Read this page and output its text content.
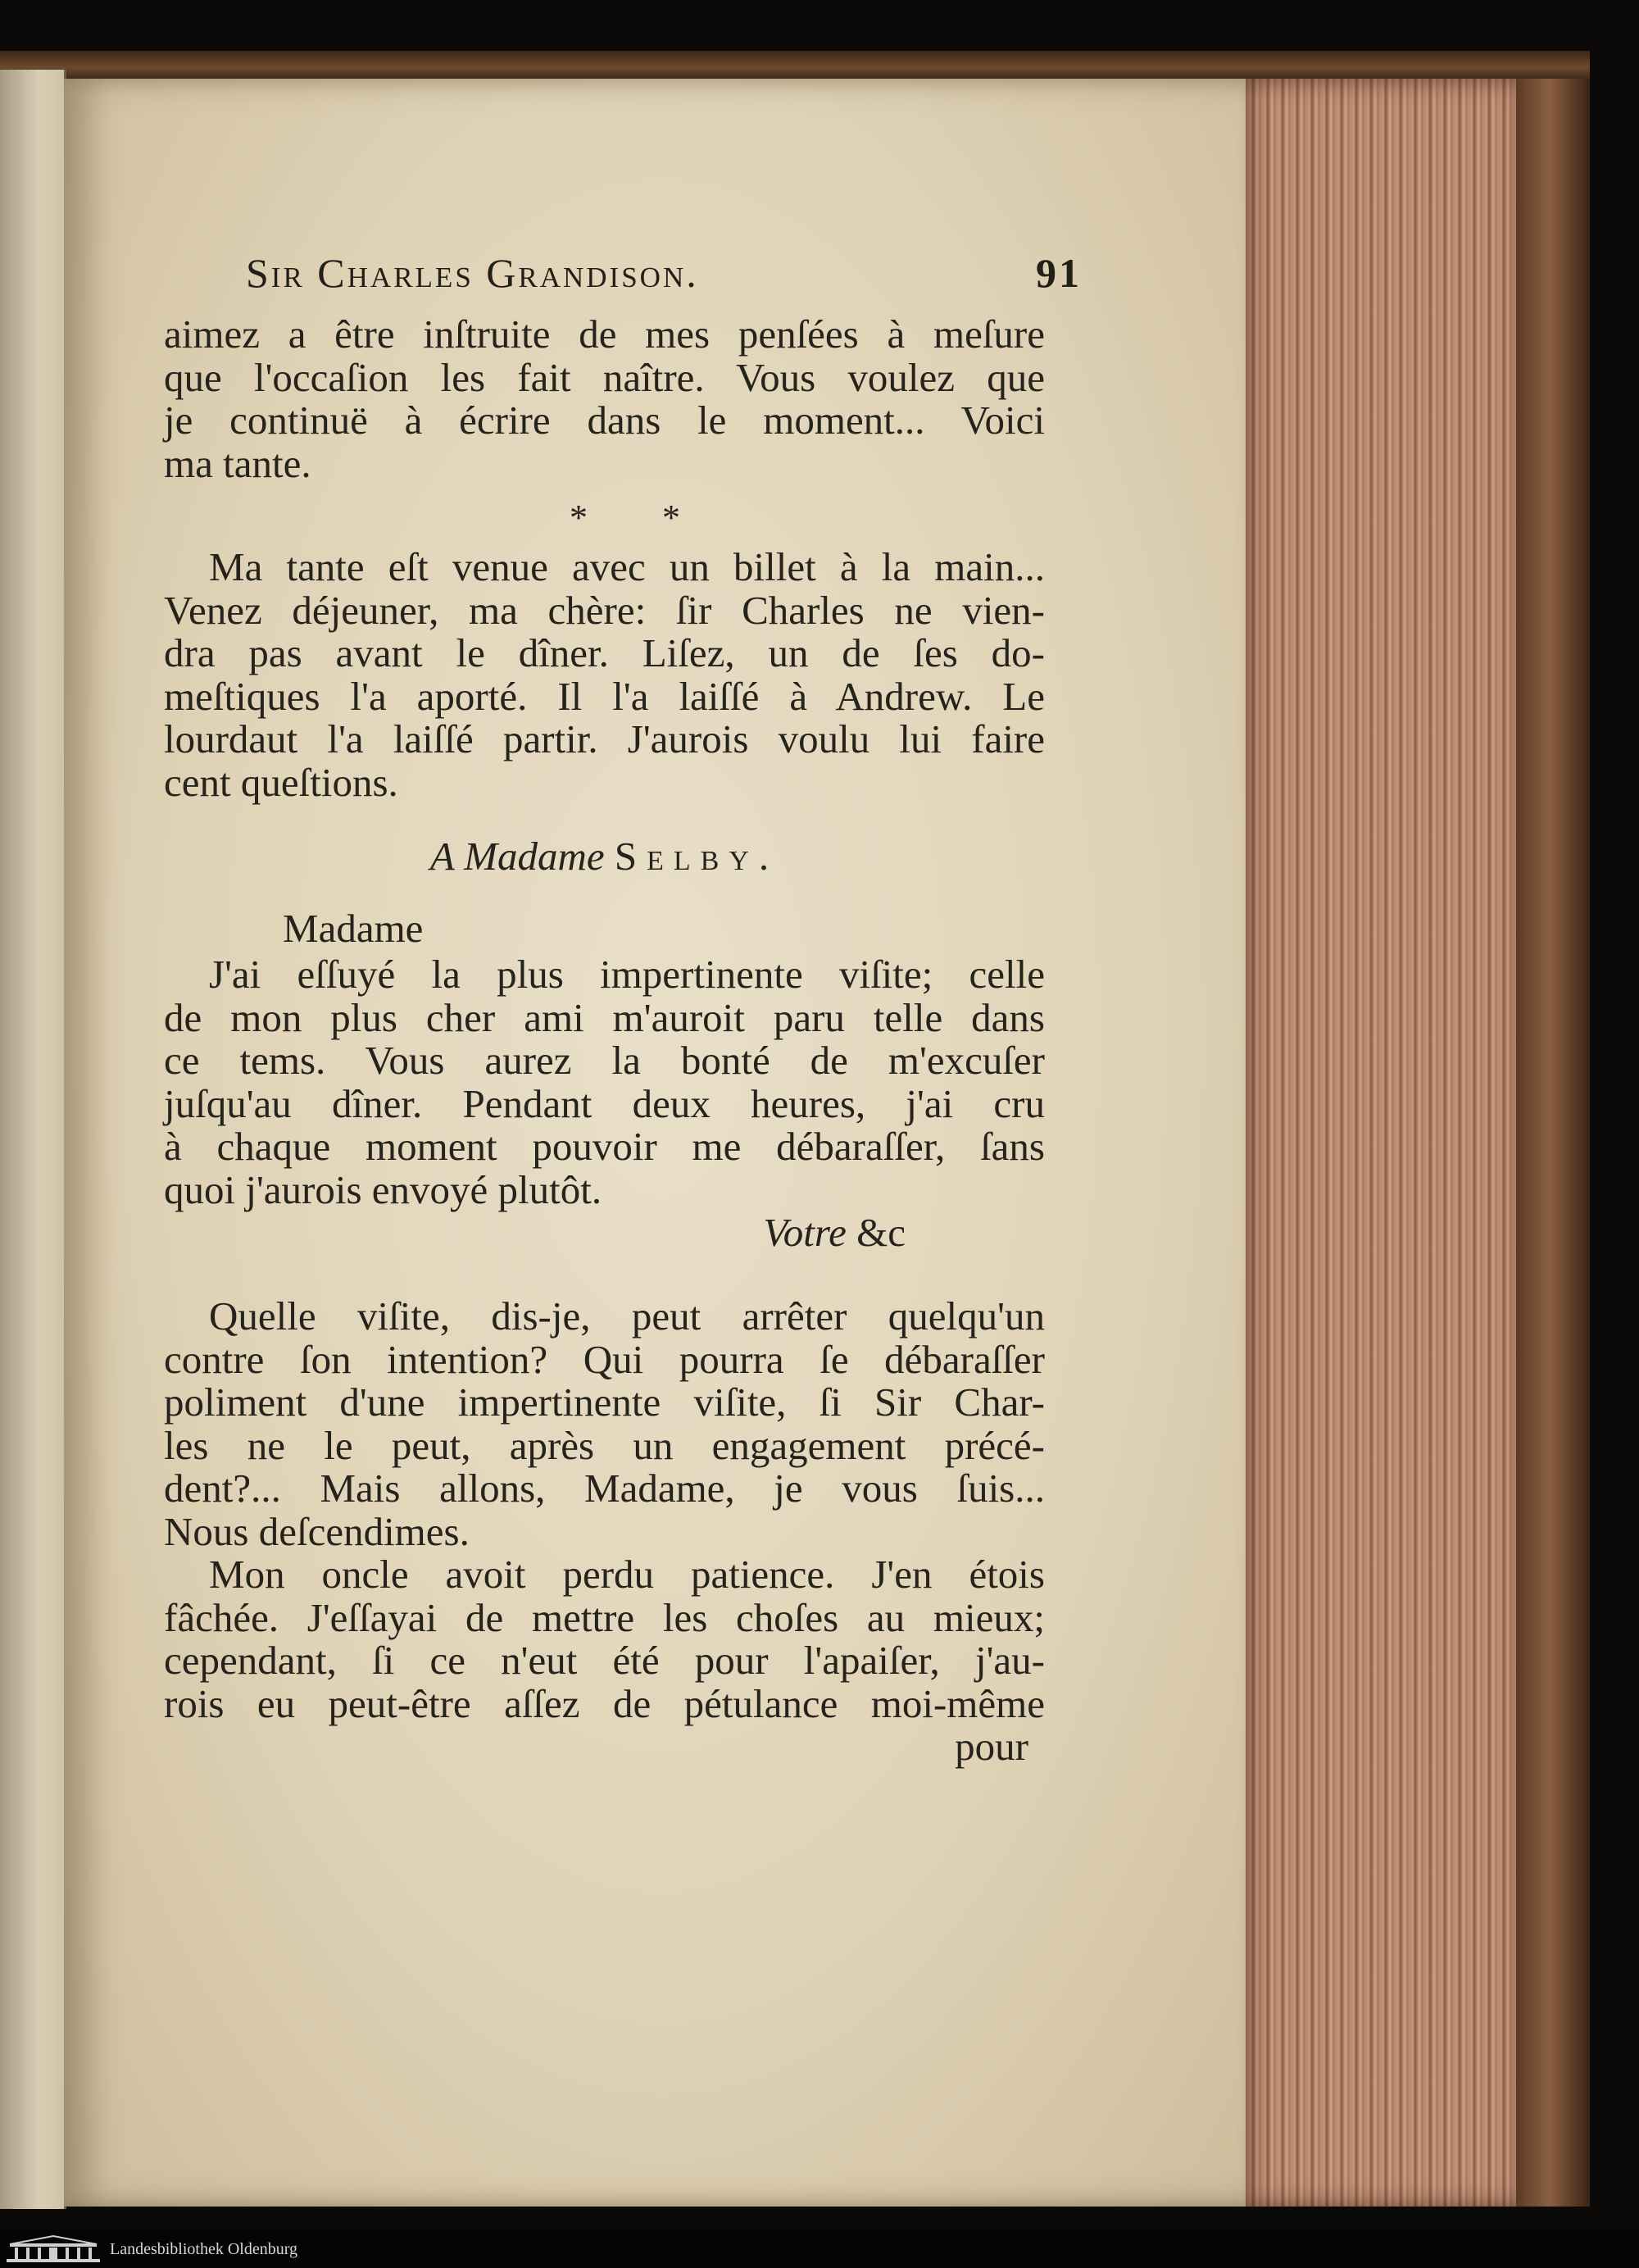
Sir Charles Grandison.	91
aimez a être inſtruite de mes penſées à meſure
que l'occaſion les fait naître. Vous voulez que
je continuë à écrire dans le moment... Voici
ma tante.
* *
Ma tante eſt venue avec un billet à la main...
Venez déjeuner, ma chère: ſir Charles ne vien-
dra pas avant le dîner. Liſez, un de ſes do-
meſtiques l'a aporté. Il l'a laiſſé à Andrew. Le
lourdaut l'a laiſſé partir. J'aurois voulu lui faire
cent queſtions.
A Madame Selby.
Madame
J'ai eſſuyé la plus impertinente viſite; celle
de mon plus cher ami m'auroit paru telle dans
ce tems. Vous aurez la bonté de m'excuſer
juſqu'au dîner. Pendant deux heures, j'ai cru
à chaque moment pouvoir me débaraſſer, ſans
quoi j'aurois envoyé plutôt.
Votre &c
Quelle viſite, dis-je, peut arrêter quelqu'un
contre ſon intention? Qui pourra ſe débaraſſer
poliment d'une impertinente viſite, ſi Sir Char-
les ne le peut, après un engagement précé-
dent?... Mais allons, Madame, je vous ſuis...
Nous deſcendimes.
Mon oncle avoit perdu patience. J'en étois
fâchée. J'eſſayai de mettre les choſes au mieux;
cependant, ſi ce n'eut été pour l'apaiſer, j'au-
rois eu peut-être aſſez de pétulance moi-même
pour
Landesbibliothek Oldenburg
